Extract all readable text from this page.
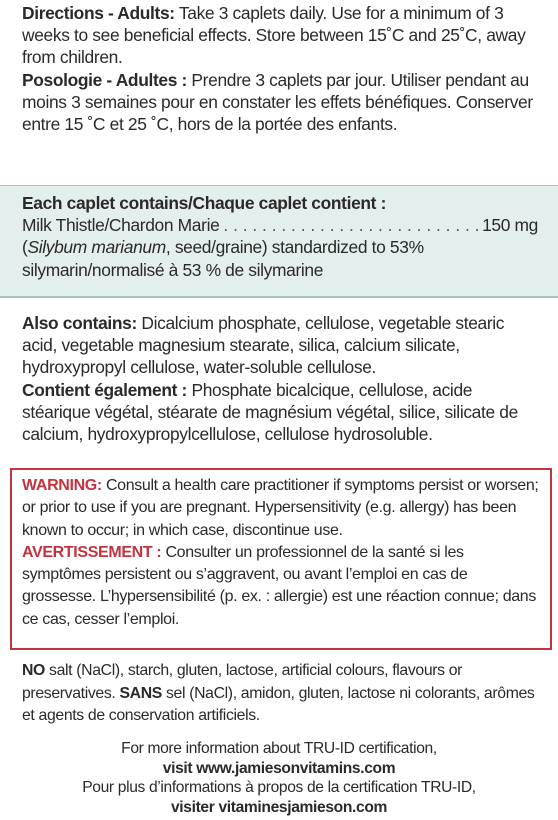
Directions - Adults: Take 3 caplets daily. Use for a minimum of 3 weeks to see beneficial effects. Store between 15˚C and 25˚C, away from children.

Posologie - Adultes : Prendre 3 caplets par jour. Utiliser pendant au moins 3 semaines pour en constater les effets bénéfiques. Conserver entre 15 ˚C et 25 ˚C, hors de la portée des enfants.

Each caplet contains/Chaque caplet contient :

Milk Thistle/Chardon Marie
. . .	150 mg

(Silybum marianum, seed/graine) standardized to 53% silymarin/normalisé à 53 % de silymarine

Also contains: Dicalcium phosphate, cellulose, vegetable stearic acid, vegetable magnesium stearate, silica, calcium silicate, hydroxypropyl cellulose, water-soluble cellulose.

Contient également : Phosphate bicalcique, cellulose, acide stéarique végétal, stéarate de magnésium végétal, silice, silicate de calcium, hydroxypropylcellulose, cellulose hydrosoluble.

WARNING: Consult a health care practitioner if symptoms persist or worsen; or prior to use if you are pregnant. Hypersensitivity (e.g. allergy) has been known to occur; in which case, discontinue use.

AVERTISSEMENT : Consulter un professionnel de la santé si les symptômes persistent ou s’aggravent, ou avant l’emploi en cas de grossesse. L’hypersensibilité (p. ex. : allergie) est une réaction connue; dans ce cas, cesser l’emploi.

NO salt (NaCl), starch, gluten, lactose, artificial colours, flavours or preservatives. SANS sel (NaCl), amidon, gluten, lactose ni colorants, arômes et agents de conservation artificiels.

For more information about TRU-ID certification,

visit www.jamiesonvitamins.com

Pour plus d’informations à propos de la certification TRU-ID,

visiter vitaminesjamieson.com
